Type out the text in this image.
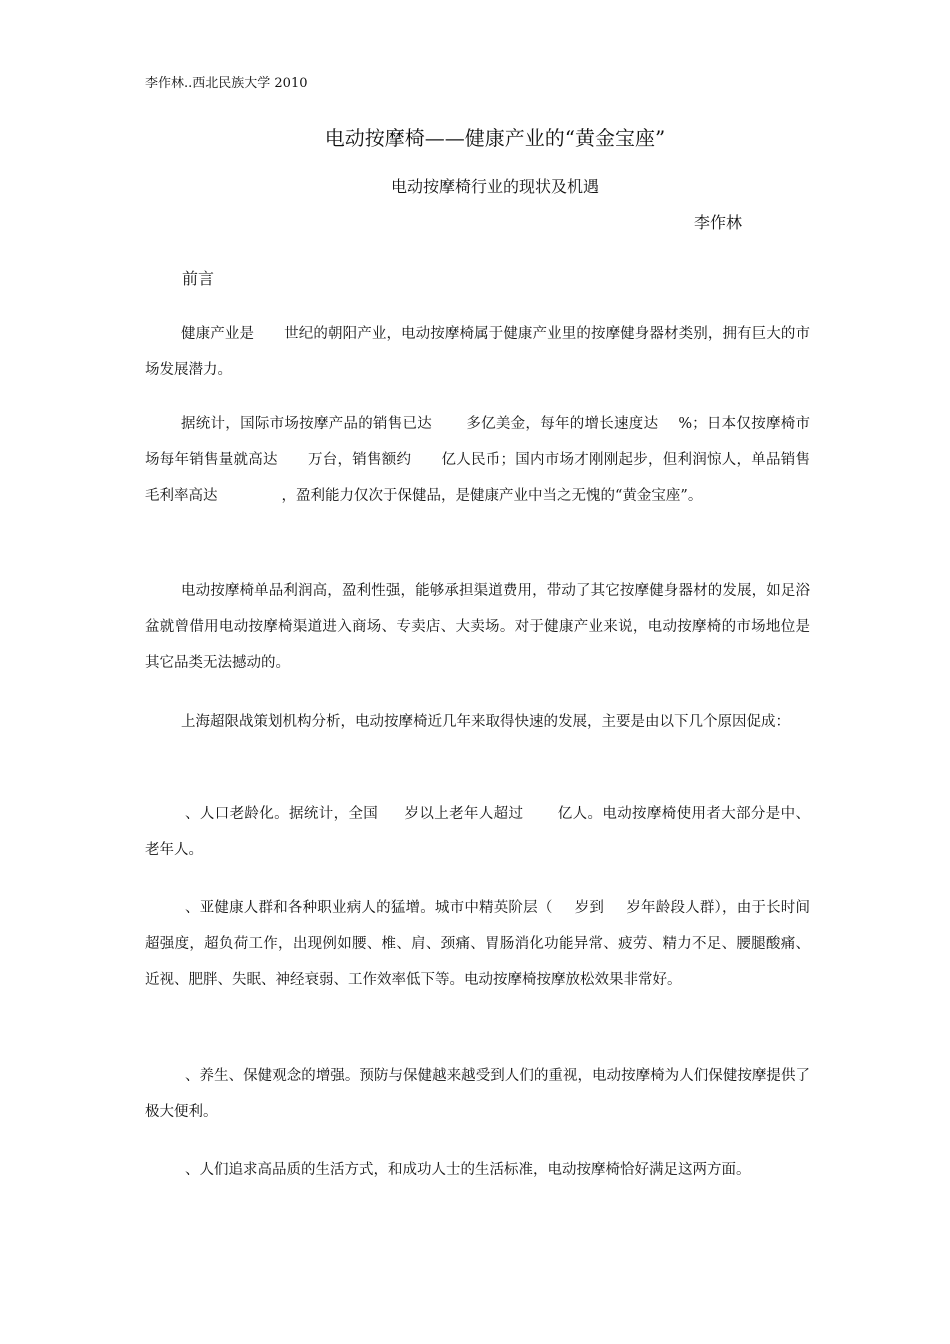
李作林..西北民族大学 2010
电动按摩椅——健康产业的“黄金宝座”
电动按摩椅行业的现状及机遇
李作林
前言

健康产业是 世纪的朝阳产业，电动按摩椅属于健康产业里的按摩健身器材类别，拥有巨大的市场发展潜力。

据统计，国际市场按摩产品的销售已达 多亿美金，每年的增长速度达 %；日本仅按摩椅市场每年销售量就高达 万台，销售额约 亿人民币；国内市场才刚刚起步，但利润惊人，单品销售毛利率高达	，盈利能力仅次于保健品，是健康产业中当之无愧的“黄金宝座”。

电动按摩椅单品利润高，盈利性强，能够承担渠道费用，带动了其它按摩健身器材的发展，如足浴盆就曾借用电动按摩椅渠道进入商场、专卖店、大卖场。对于健康产业来说，电动按摩椅的市场地位是其它品类无法撼动的。

上海超限战策划机构分析，电动按摩椅近几年来取得快速的发展，主要是由以下几个原因促成：

、人口老龄化。据统计，全国 岁以上老年人超过 亿人。电动按摩椅使用者大部分是中、老年人。

、亚健康人群和各种职业病人的猛增。城市中精英阶层（ 岁到 岁年龄段人群），由于长时间超强度，超负荷工作，出现例如腰、椎、肩、颈痛、胃肠消化功能异常、疲劳、精力不足、腰腿酸痛、近视、肥胖、失眠、神经衰弱、工作效率低下等。电动按摩椅按摩放松效果非常好。

、养生、保健观念的增强。预防与保健越来越受到人们的重视，电动按摩椅为人们保健按摩提供了极大便利。

、人们追求高品质的生活方式，和成功人士的生活标准，电动按摩椅恰好满足这两方面。
